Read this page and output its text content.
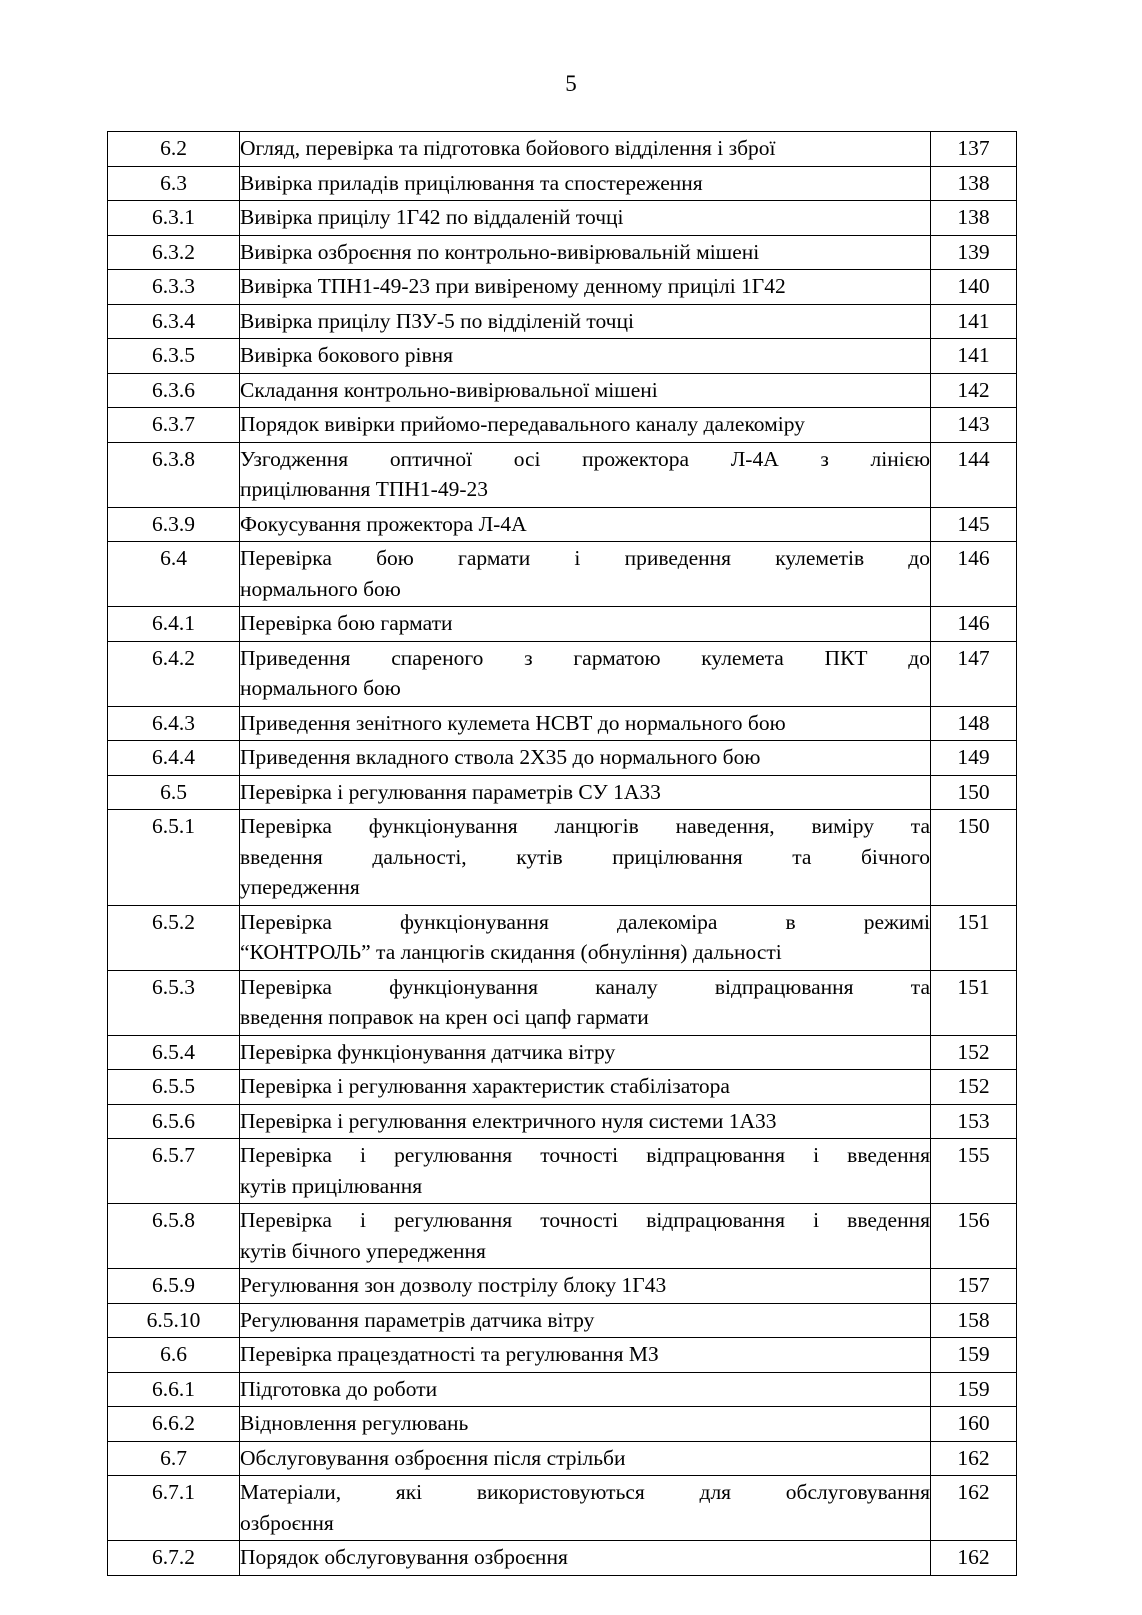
5
6.2	Огляд, перевірка та підготовка бойового відділення і зброї	137
6.3	Вивірка приладів прицілювання та спостереження	138
6.3.1	Вивірка прицілу 1Г42 по віддаленій точці	138
6.3.2	Вивірка озброєння по контрольно-вивірювальній мішені	139
6.3.3	Вивірка ТПН1-49-23 при вивіреному денному прицілі 1Г42	140
6.3.4	Вивірка прицілу ПЗУ-5 по відділеній точці	141
6.3.5	Вивірка бокового рівня	141
6.3.6	Складання контрольно-вивірювальної мішені	142
6.3.7	Порядок вивірки прийомо-передавального каналу далекоміру	143
6.3.8	Узгодження оптичної осі прожектора Л-4А з лінією
прицілювання ТПН1-49-23	144
6.3.9	Фокусування прожектора Л-4А	145
6.4	Перевірка бою гармати і приведення кулеметів до
нормального бою	146
6.4.1	Перевірка бою гармати	146
6.4.2	Приведення спареного з гарматою кулемета ПКТ до
нормального бою	147
6.4.3	Приведення зенітного кулемета НСВТ до нормального бою	148
6.4.4	Приведення вкладного ствола 2Х35 до нормального бою	149
6.5	Перевірка і регулювання параметрів СУ 1А33	150
6.5.1	Перевірка функціонування ланцюгів наведення, виміру та
введення дальності, кутів прицілювання та бічного
упередження	150
6.5.2	Перевірка функціонування далекоміра в режимі
“КОНТРОЛЬ” та ланцюгів скидання (обнуління) дальності	151
6.5.3	Перевірка функціонування каналу відпрацювання та
введення поправок на крен осі цапф гармати	151
6.5.4	Перевірка функціонування датчика вітру	152
6.5.5	Перевірка і регулювання характеристик стабілізатора	152
6.5.6	Перевірка і регулювання електричного нуля системи 1А33	153
6.5.7	Перевірка і регулювання точності відпрацювання і введення
кутів прицілювання	155
6.5.8	Перевірка і регулювання точності відпрацювання і введення
кутів бічного упередження	156
6.5.9	Регулювання зон дозволу пострілу блоку 1Г43	157
6.5.10	Регулювання параметрів датчика вітру	158
6.6	Перевірка працездатності та регулювання МЗ	159
6.6.1	Підготовка до роботи	159
6.6.2	Відновлення регулювань	160
6.7	Обслуговування озброєння після стрільби	162
6.7.1	Матеріали, які використовуються для обслуговування
озброєння	162
6.7.2	Порядок обслуговування озброєння	162
